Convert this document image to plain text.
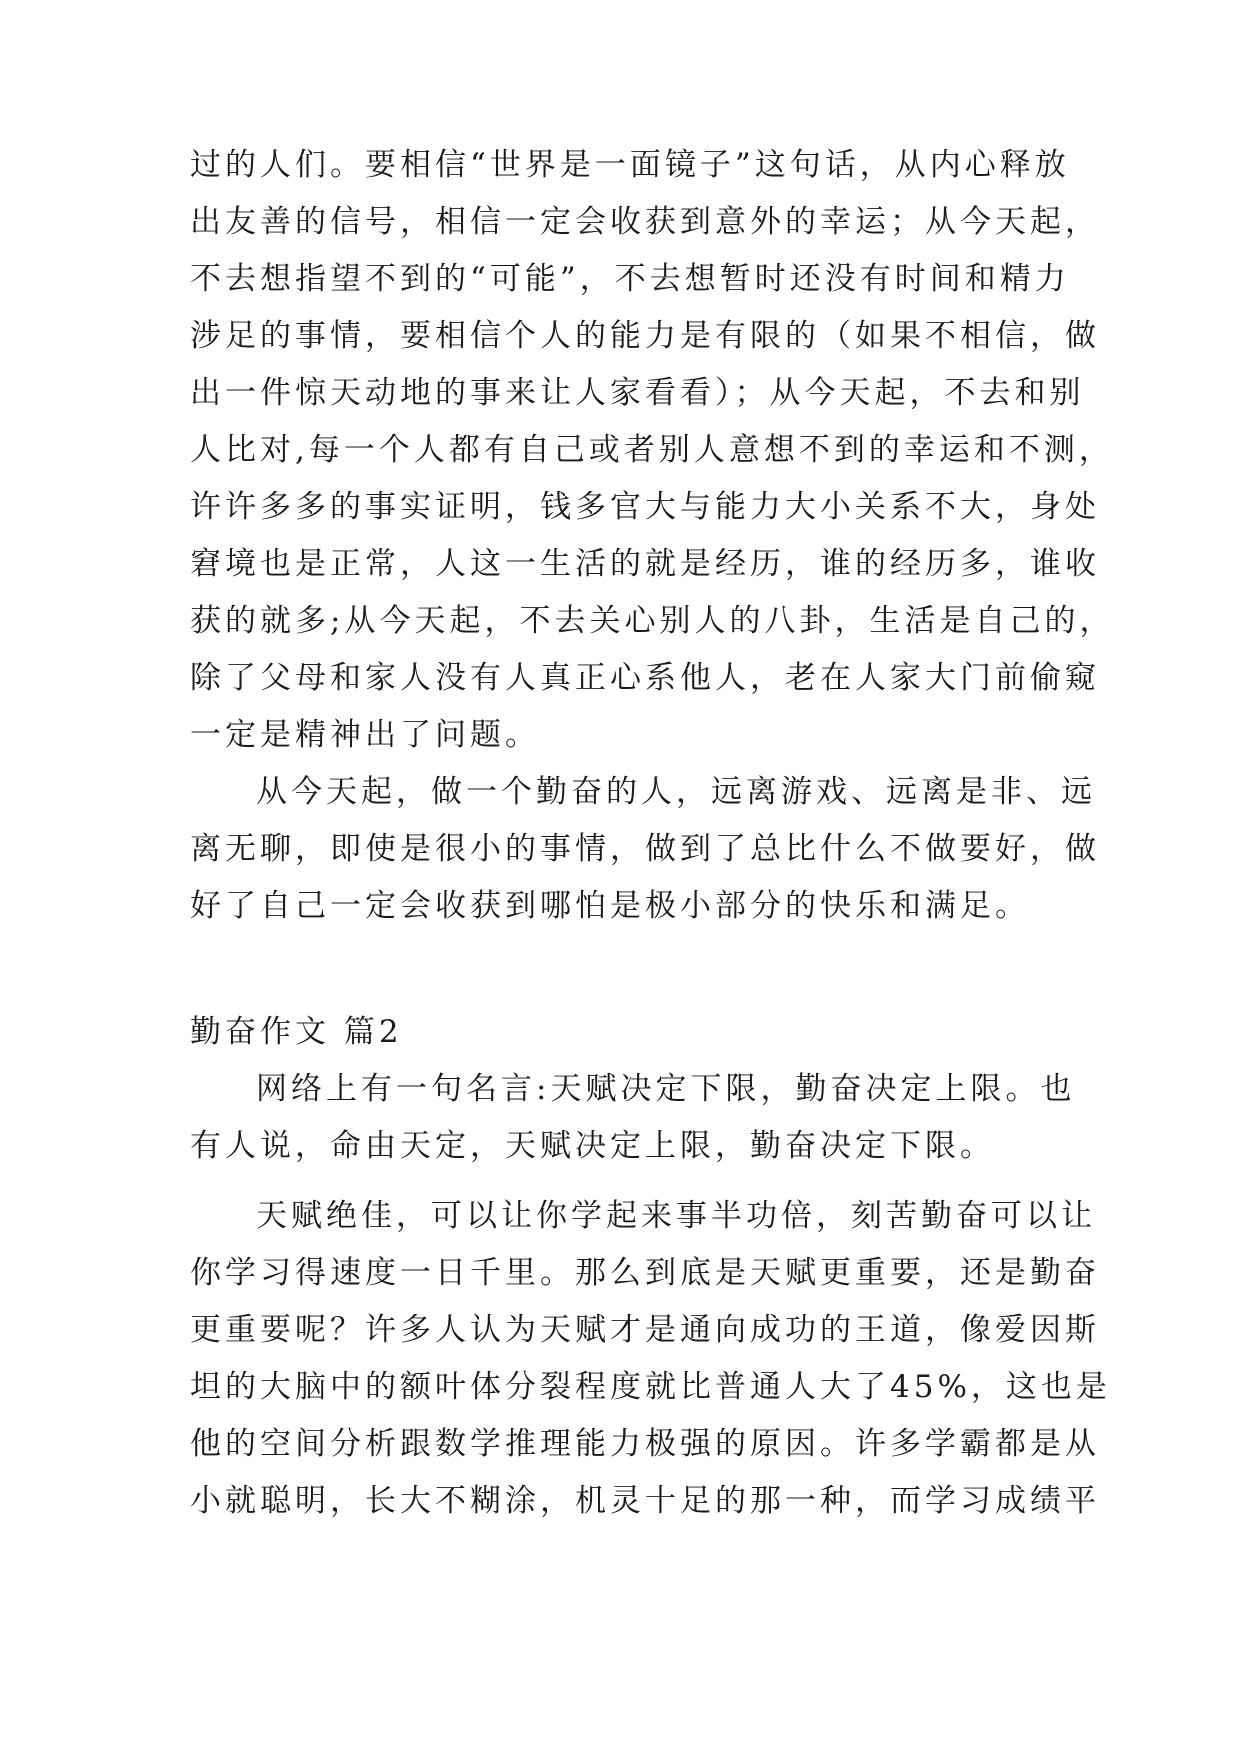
过的人们。要相信“世界是一面镜子”这句话，从内心释放
出友善的信号，相信一定会收获到意外的幸运；从今天起，
不去想指望不到的“可能”，不去想暂时还没有时间和精力
涉足的事情，要相信个人的能力是有限的（如果不相信，做
出一件惊天动地的事来让人家看看）；从今天起，不去和别
人比对,每一个人都有自己或者别人意想不到的幸运和不测，
许许多多的事实证明，钱多官大与能力大小关系不大，身处
窘境也是正常，人这一生活的就是经历，谁的经历多，谁收
获的就多;从今天起，不去关心别人的八卦，生活是自己的，
除了父母和家人没有人真正心系他人，老在人家大门前偷窥
一定是精神出了问题。
从今天起，做一个勤奋的人，远离游戏、远离是非、远
离无聊，即使是很小的事情，做到了总比什么不做要好，做
好了自己一定会收获到哪怕是极小部分的快乐和满足。
勤奋作文 篇2
网络上有一句名言:天赋决定下限，勤奋决定上限。也
有人说，命由天定，天赋决定上限，勤奋决定下限。
天赋绝佳，可以让你学起来事半功倍，刻苦勤奋可以让
你学习得速度一日千里。那么到底是天赋更重要，还是勤奋
更重要呢？许多人认为天赋才是通向成功的王道，像爱因斯
坦的大脑中的额叶体分裂程度就比普通人大了45%，这也是
他的空间分析跟数学推理能力极强的原因。许多学霸都是从
小就聪明，长大不糊涂，机灵十足的那一种，而学习成绩平
